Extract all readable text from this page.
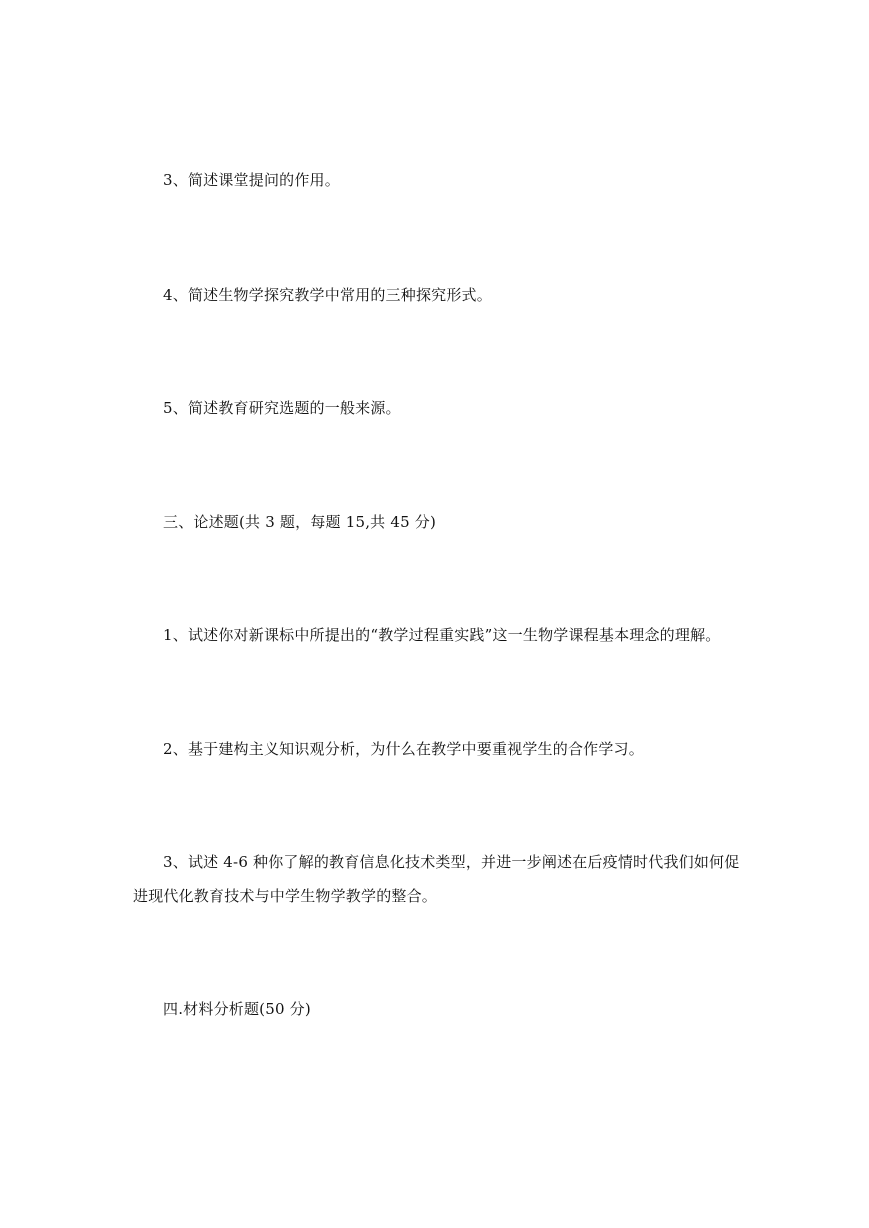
3、简述课堂提问的作用。
4、简述生物学探究教学中常用的三种探究形式。
5、简述教育研究选题的一般来源。
三、论述题(共 3 题，每题 15,共 45 分)
1、试述你对新课标中所提出的“教学过程重实践”这一生物学课程基本理念的理解。
2、基于建构主义知识观分析，为什么在教学中要重视学生的合作学习。
3、试述 4-6 种你了解的教育信息化技术类型，并进一步阐述在后疫情时代我们如何促
进现代化教育技术与中学生物学教学的整合。
四.材料分析题(50 分)
